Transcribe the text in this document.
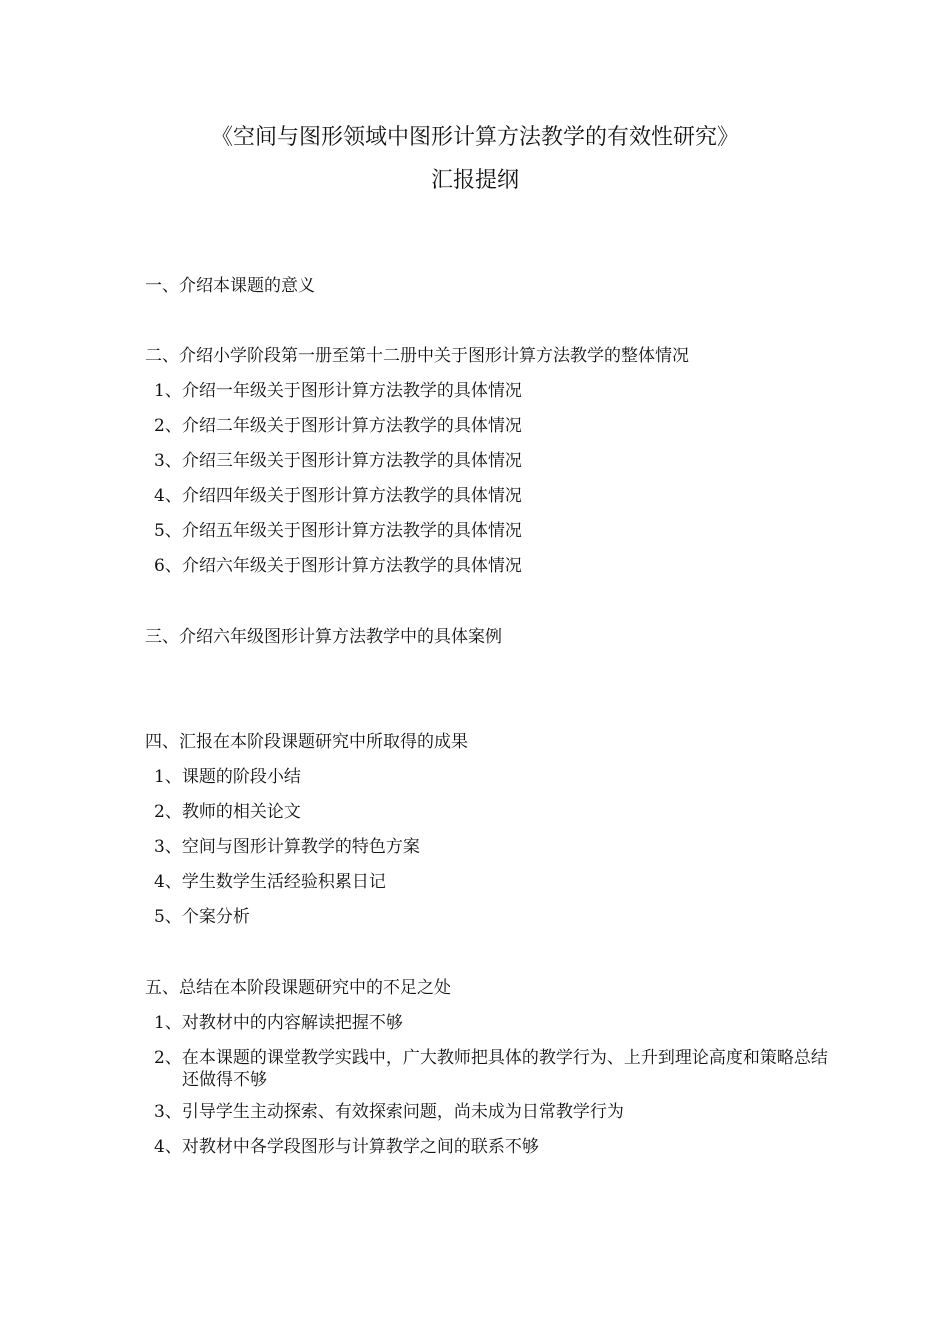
《空间与图形领域中图形计算方法教学的有效性研究》
汇报提纲
一、介绍本课题的意义
二、介绍小学阶段第一册至第十二册中关于图形计算方法教学的整体情况
1、介绍一年级关于图形计算方法教学的具体情况
2、介绍二年级关于图形计算方法教学的具体情况
3、介绍三年级关于图形计算方法教学的具体情况
4、介绍四年级关于图形计算方法教学的具体情况
5、介绍五年级关于图形计算方法教学的具体情况
6、介绍六年级关于图形计算方法教学的具体情况
三、介绍六年级图形计算方法教学中的具体案例
四、汇报在本阶段课题研究中所取得的成果
1、课题的阶段小结
2、教师的相关论文
3、空间与图形计算教学的特色方案
4、学生数学生活经验积累日记
5、个案分析
五、总结在本阶段课题研究中的不足之处
1、对教材中的内容解读把握不够
2、在本课题的课堂教学实践中，广大教师把具体的教学行为、上升到理论高度和策略总结还做得不够
3、引导学生主动探索、有效探索问题，尚未成为日常教学行为
4、对教材中各学段图形与计算教学之间的联系不够
